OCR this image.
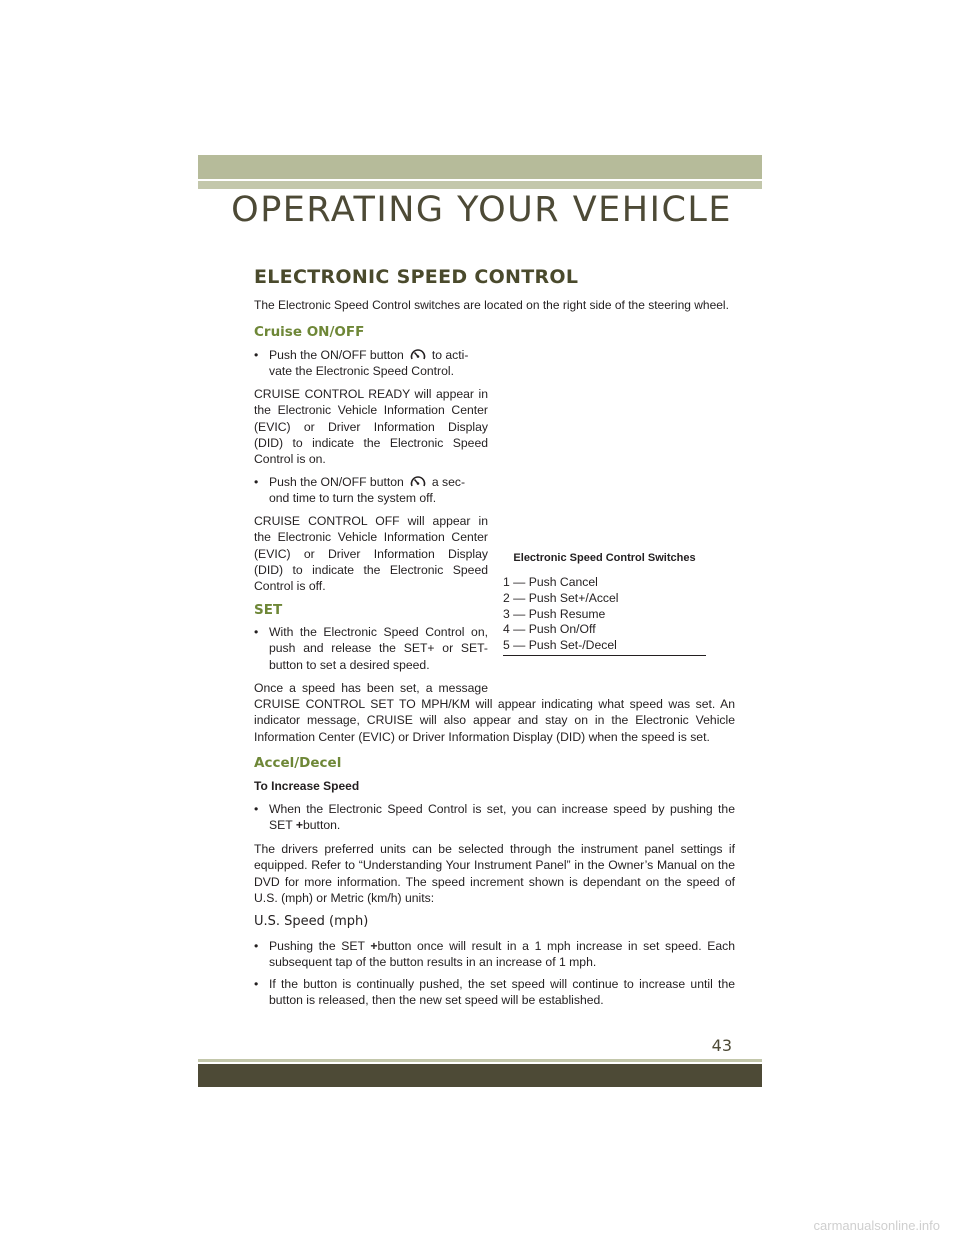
OPERATING YOUR VEHICLE
ELECTRONIC SPEED CONTROL
The Electronic Speed Control switches are located on the right side of the steering wheel.
Cruise ON/OFF
• Push the ON/OFF button to acti-
vate the Electronic Speed Control.
CRUISE CONTROL READY will appear in
the Electronic Vehicle Information Center
(EVIC) or Driver Information Display
(DID) to indicate the Electronic Speed
Control is on.
• Push the ON/OFF button a sec-
ond time to turn the system off.
CRUISE CONTROL OFF will appear in
the Electronic Vehicle Information Center
(EVIC) or Driver Information Display
(DID) to indicate the Electronic Speed
Control is off.
SET
• With the Electronic Speed Control on,
push and release the SET+ or SET-
button to set a desired speed.
Once a speed has been set, a message
CRUISE CONTROL SET TO MPH/KM will appear indicating what speed was set. An indicator message, CRUISE will also appear and stay on in the Electronic Vehicle Information Center (EVIC) or Driver Information Display (DID) when the speed is set.
Accel/Decel
To Increase Speed
• When the Electronic Speed Control is set, you can increase speed by pushing the SET +button.
The drivers preferred units can be selected through the instrument panel settings if equipped. Refer to “Understanding Your Instrument Panel” in the Owner’s Manual on the DVD for more information. The speed increment shown is dependant on the speed of U.S. (mph) or Metric (km/h) units:
U.S. Speed (mph)
• Pushing the SET +button once will result in a 1 mph increase in set speed. Each subsequent tap of the button results in an increase of 1 mph.
• If the button is continually pushed, the set speed will continue to increase until the button is released, then the new set speed will be established.
Electronic Speed Control Switches
1 — Push Cancel
2 — Push Set+/Accel
3 — Push Resume
4 — Push On/Off
5 — Push Set-/Decel
43
carmanualsonline.info
